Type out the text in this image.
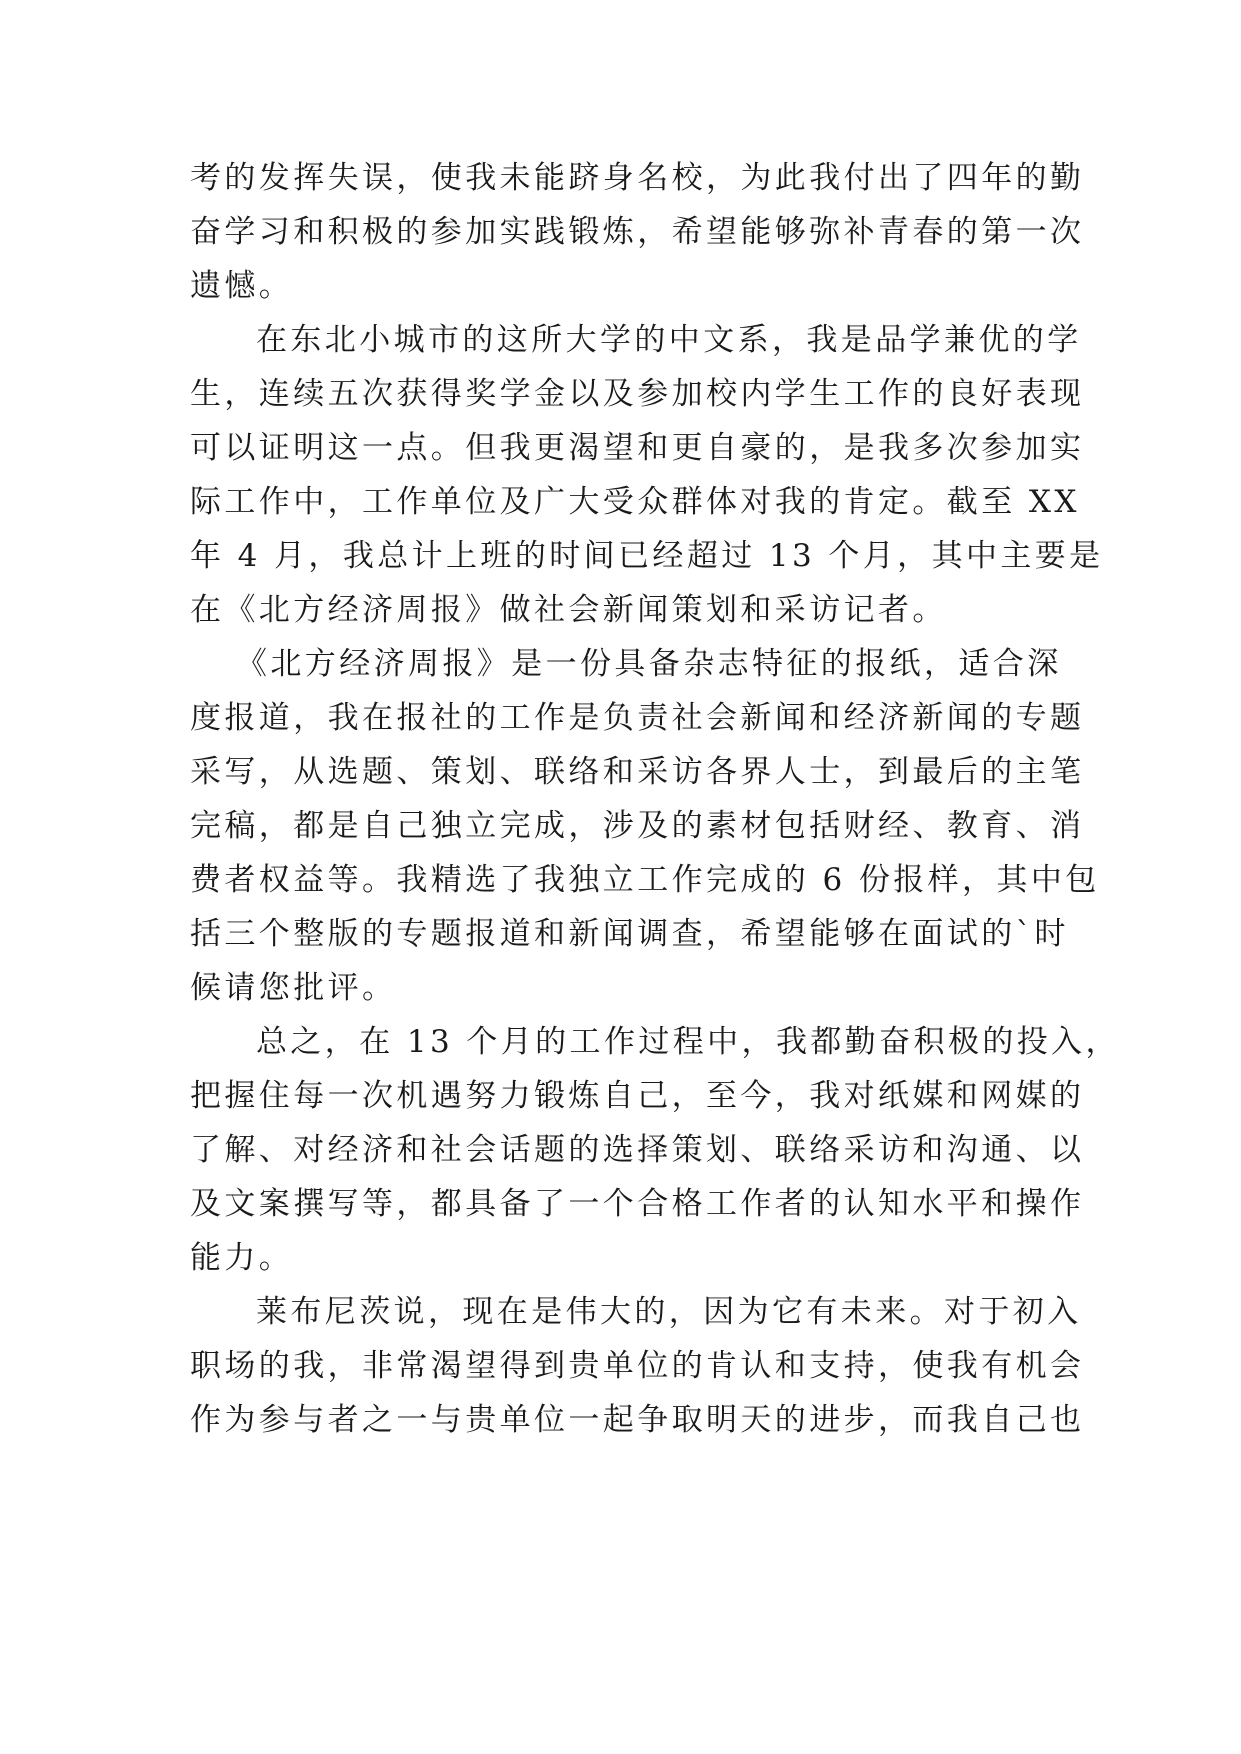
考的发挥失误，使我未能跻身名校，为此我付出了四年的勤
奋学习和积极的参加实践锻炼，希望能够弥补青春的第一次
遗憾。
在东北小城市的这所大学的中文系，我是品学兼优的学
生，连续五次获得奖学金以及参加校内学生工作的良好表现
可以证明这一点。但我更渴望和更自豪的，是我多次参加实
际工作中，工作单位及广大受众群体对我的肯定。截至 XX
年 4 月，我总计上班的时间已经超过 13 个月，其中主要是
在《北方经济周报》做社会新闻策划和采访记者。
《北方经济周报》是一份具备杂志特征的报纸，适合深
度报道，我在报社的工作是负责社会新闻和经济新闻的专题
采写，从选题、策划、联络和采访各界人士，到最后的主笔
完稿，都是自己独立完成，涉及的素材包括财经、教育、消
费者权益等。我精选了我独立工作完成的 6 份报样，其中包
括三个整版的专题报道和新闻调查，希望能够在面试的`时
候请您批评。
总之，在 13 个月的工作过程中，我都勤奋积极的投入，
把握住每一次机遇努力锻炼自己，至今，我对纸媒和网媒的
了解、对经济和社会话题的选择策划、联络采访和沟通、以
及文案撰写等，都具备了一个合格工作者的认知水平和操作
能力。
莱布尼茨说，现在是伟大的，因为它有未来。对于初入
职场的我，非常渴望得到贵单位的肯认和支持，使我有机会
作为参与者之一与贵单位一起争取明天的进步，而我自己也
